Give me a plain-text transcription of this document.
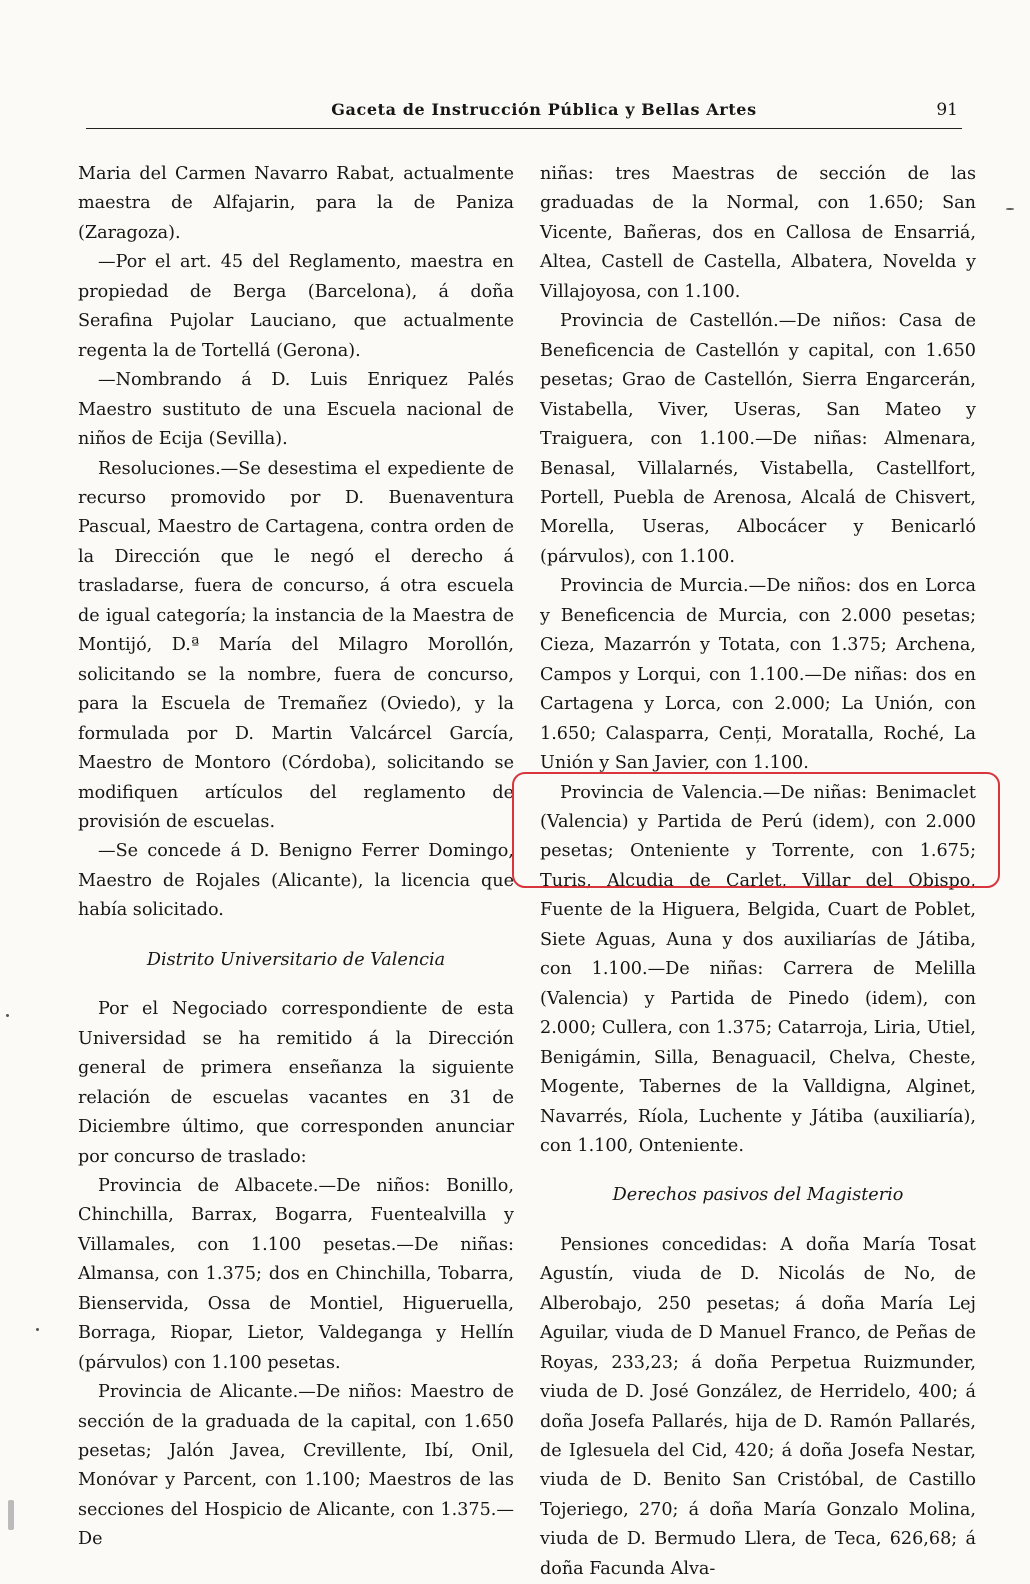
Gaceta de Instrucción Pública y Bellas Artes	91

Maria del Carmen Navarro Rabat, actualmente maestra de Alfajarin, para la de Paniza (Zaragoza).

—Por el art. 45 del Reglamento, maestra en propiedad de Berga (Barcelona), á doña Serafina Pujolar Lauciano, que actualmente regenta la de Tortellá (Gerona).

—Nombrando á D. Luis Enriquez Palés Maestro sustituto de una Escuela nacional de niños de Ecija (Sevilla).

Resoluciones.—Se desestima el expediente de recurso promovido por D. Buenaventura Pascual, Maestro de Cartagena, contra orden de la Dirección que le negó el derecho á trasladarse, fuera de concurso, á otra escuela de igual categoría; la instancia de la Maestra de Montijó, D.ª María del Milagro Morollón, solicitando se la nombre, fuera de concurso, para la Escuela de Tremañez (Oviedo), y la formulada por D. Martin Valcárcel García, Maestro de Montoro (Córdoba), solicitando se modifiquen artículos del reglamento de provisión de escuelas.

—Se concede á D. Benigno Ferrer Domingo, Maestro de Rojales (Alicante), la licencia que había solicitado.

Distrito Universitario de Valencia

Por el Negociado correspondiente de esta Universidad se ha remitido á la Dirección general de primera enseñanza la siguiente relación de escuelas vacantes en 31 de Diciembre último, que corresponden anunciar por concurso de traslado:

Provincia de Albacete.—De niños: Bonillo, Chinchilla, Barrax, Bogarra, Fuentealvilla y Villamales, con 1.100 pesetas.—De niñas: Almansa, con 1.375; dos en Chinchilla, Tobarra, Bienservida, Ossa de Montiel, Higueruella, Borraga, Riopar, Lietor, Valdeganga y Hellín (párvulos) con 1.100 pesetas.

Provincia de Alicante.—De niños: Maestro de sección de la graduada de la capital, con 1.650 pesetas; Jalón Javea, Crevillente, Ibí, Onil, Monóvar y Parcent, con 1.100; Maestros de las secciones del Hospicio de Alicante, con 1.375.—De

niñas: tres Maestras de sección de las graduadas de la Normal, con 1.650; San Vicente, Bañeras, dos en Callosa de Ensarriá, Altea, Castell de Castella, Albatera, Novelda y Villajoyosa, con 1.100.

Provincia de Castellón.—De niños: Casa de Beneficencia de Castellón y capital, con 1.650 pesetas; Grao de Castellón, Sierra Engarcerán, Vistabella, Viver, Useras, San Mateo y Traiguera, con 1.100.—De niñas: Almenara, Benasal, Villalarnés, Vistabella, Castellfort, Portell, Puebla de Arenosa, Alcalá de Chisvert, Morella, Useras, Albocácer y Benicarló (párvulos), con 1.100.

Provincia de Murcia.—De niños: dos en Lorca y Beneficencia de Murcia, con 2.000 pesetas; Cieza, Mazarrón y Totata, con 1.375; Archena, Campos y Lorqui, con 1.100.—De niñas: dos en Cartagena y Lorca, con 2.000; La Unión, con 1.650; Calasparra, Cenți, Moratalla, Roché, La Unión y San Javier, con 1.100.

Provincia de Valencia.—De niñas: Benimaclet (Valencia) y Partida de Perú (idem), con 2.000 pesetas; Onteniente y Torrente, con 1.675; Turis, Alcudia de Carlet, Villar del Obispo, Fuente de la Higuera, Belgida, Cuart de Poblet, Siete Aguas, Auna y dos auxiliarías de Játiba, con 1.100.—De niñas: Carrera de Melilla (Valencia) y Partida de Pinedo (idem), con 2.000; Cullera, con 1.375; Catarroja, Liria, Utiel, Benigámin, Silla, Benaguacil, Chelva, Cheste, Mogente, Tabernes de la Valldigna, Alginet, Navarrés, Ríola, Luchente y Játiba (auxiliaría), con 1.100, Onteniente.

Derechos pasivos del Magisterio

Pensiones concedidas: A doña María Tosat Agustín, viuda de D. Nicolás de No, de Alberobajo, 250 pesetas; á doña María Lej Aguilar, viuda de D Manuel Franco, de Peñas de Royas, 233,23; á doña Perpetua Ruizmunder, viuda de D. José González, de Herridelo, 400; á doña Josefa Pallarés, hija de D. Ramón Pallarés, de Iglesuela del Cid, 420; á doña Josefa Nestar, viuda de D. Benito San Cristóbal, de Castillo Tojeriego, 270; á doña María Gonzalo Molina, viuda de D. Bermudo Llera, de Teca, 626,68; á doña Facunda Alva-
